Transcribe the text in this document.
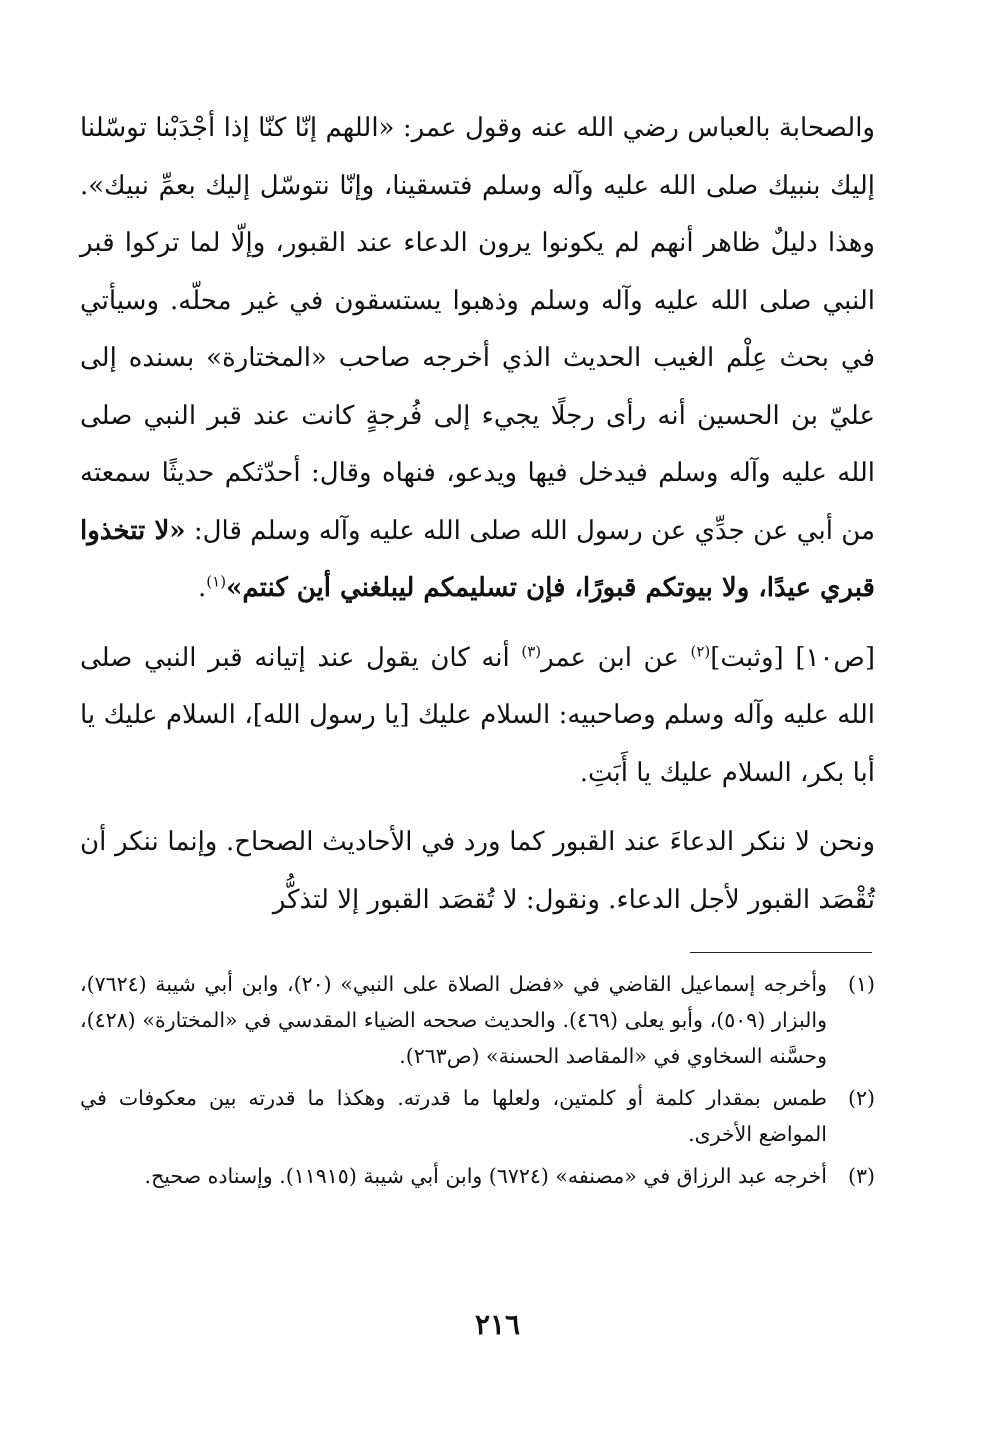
والصحابة بالعباس رضي الله عنه وقول عمر: «اللهم إنّا كنّا إذا أجْدَبْنا توسّلنا إليك بنبيك صلى الله عليه وآله وسلم فتسقينا، وإنّا نتوسّل إليك بعمِّ نبيك». وهذا دليلٌ ظاهر أنهم لم يكونوا يرون الدعاء عند القبور، وإلّا لما تركوا قبر النبي صلى الله عليه وآله وسلم وذهبوا يستسقون في غير محلّه. وسيأتي في بحث عِلْم الغيب الحديث الذي أخرجه صاحب «المختارة» بسنده إلى عليّ بن الحسين أنه رأى رجلًا يجيء إلى فُرجةٍ كانت عند قبر النبي صلى الله عليه وآله وسلم فيدخل فيها ويدعو، فنهاه وقال: أحدّثكم حديثًا سمعته من أبي عن جدِّي عن رسول الله صلى الله عليه وآله وسلم قال: «لا تتخذوا قبري عيدًا، ولا بيوتكم قبورًا، فإن تسليمكم ليبلغني أين كنتم»$^{(١)}$.

[ص١٠] [وثبت]$^{(٢)}$ عن ابن عمر$^{(٣)}$ أنه كان يقول عند إتيانه قبر النبي صلى الله عليه وآله وسلم وصاحبيه: السلام عليك [يا رسول الله]، السلام عليك يا أبا بكر، السلام عليك يا أَبَتِ.

ونحن لا ننكر الدعاءَ عند القبور كما ورد في الأحاديث الصحاح. وإنما ننكر أن تُقْصَد القبور لأجل الدعاء. ونقول: لا تُقصَد القبور إلا لتذكُّر

(١)
وأخرجه إسماعيل القاضي في «فضل الصلاة على النبي» (٢٠)، وابن أبي شيبة (٧٦٢٤)، والبزار (٥٠٩)، وأبو يعلى (٤٦٩). والحديث صححه الضياء المقدسي في «المختارة» (٤٢٨)، وحسَّنه السخاوي في «المقاصد الحسنة» (ص٢٦٣).
(٢)
طمس بمقدار كلمة أو كلمتين، ولعلها ما قدرته. وهكذا ما قدرته بين معكوفات في المواضع الأخرى.
(٣)
أخرجه عبد الرزاق في «مصنفه» (٦٧٢٤) وابن أبي شيبة (١١٩١٥). وإسناده صحيح.
٢١٦
